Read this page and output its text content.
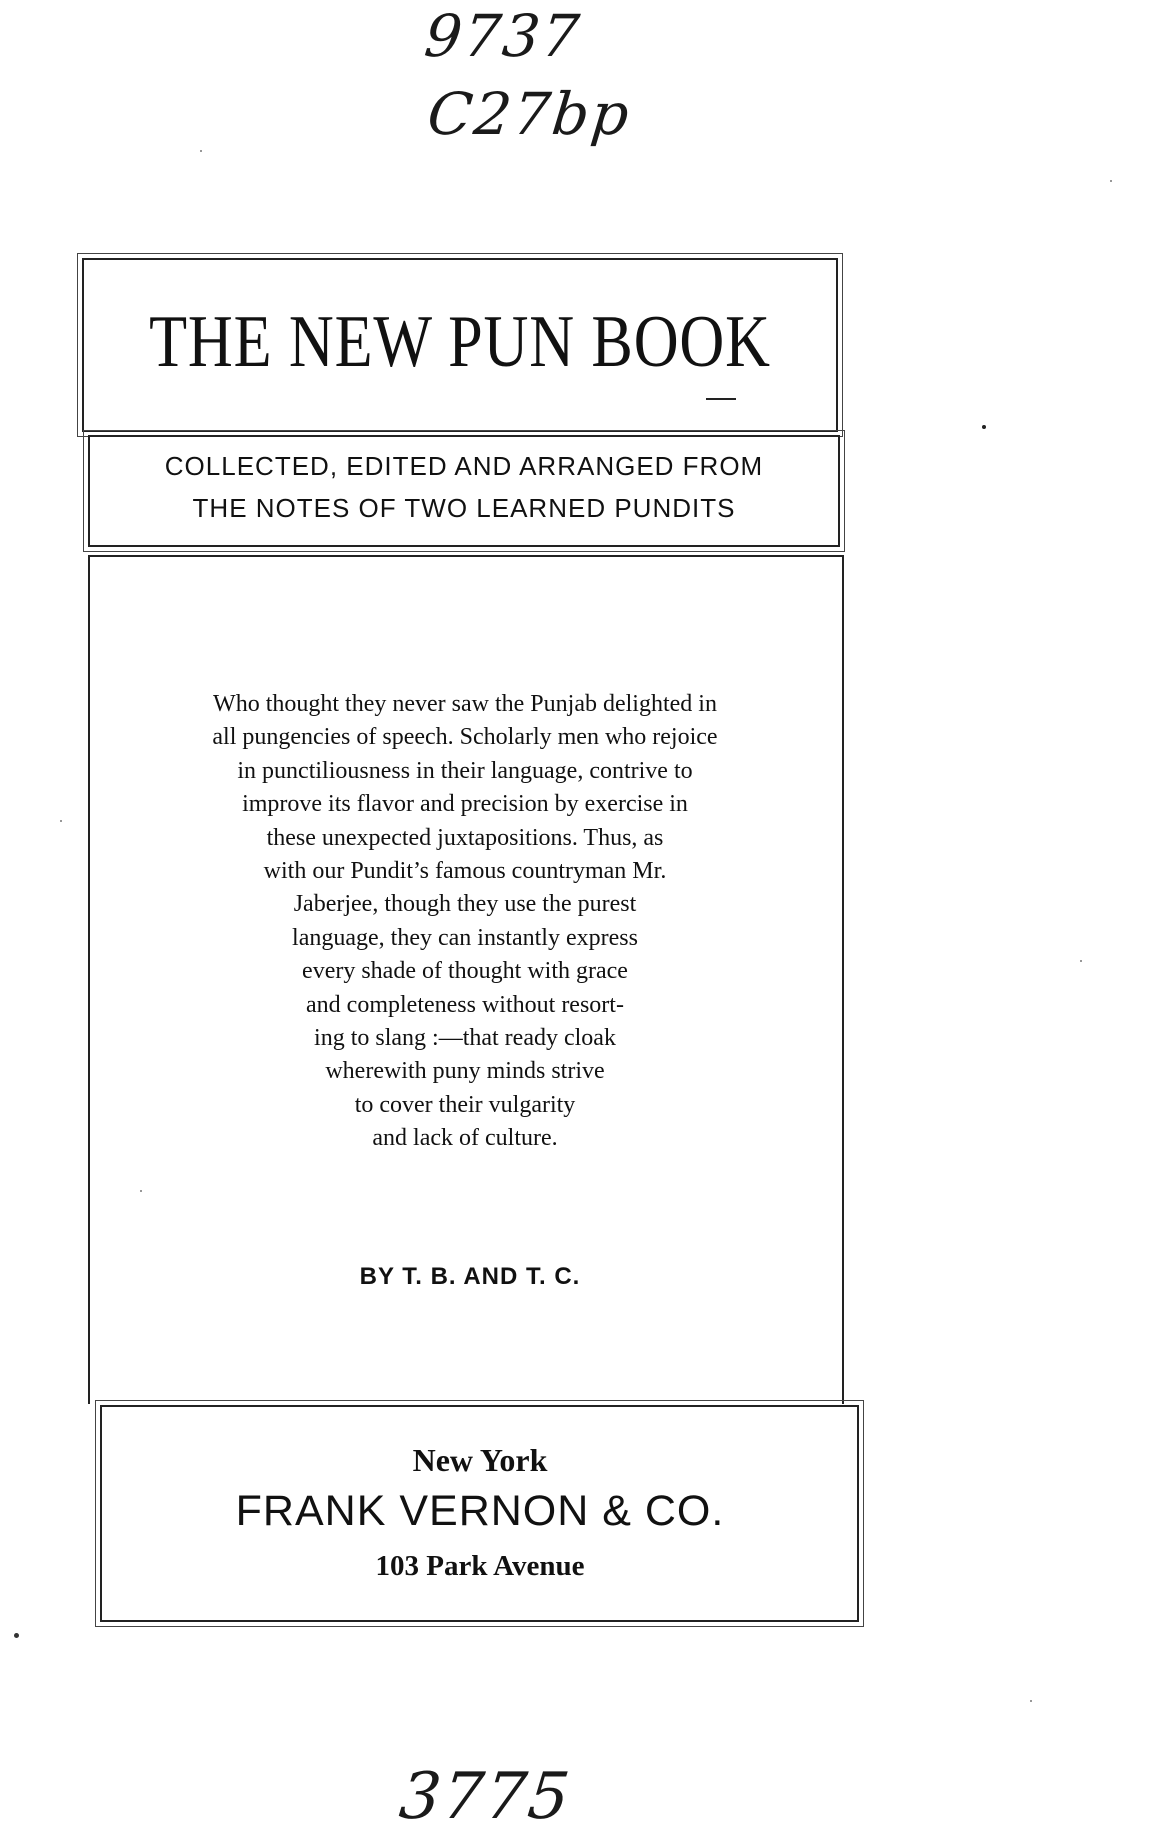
9737
C27bp
THE NEW PUN BOOK
COLLECTED, EDITED AND ARRANGED FROM
THE NOTES OF TWO LEARNED PUNDITS
Who thought they never saw the Punjab delighted in
all pungencies of speech. Scholarly men who rejoice
in punctiliousness in their language, contrive to
improve its flavor and precision by exercise in
these unexpected juxtapositions. Thus, as
with our Pundit’s famous countryman Mr.
Jaberjee, though they use the purest
language, they can instantly express
every shade of thought with grace
and completeness without resort-
ing to slang :—that ready cloak
wherewith puny minds strive
to cover their vulgarity
and lack of culture.
BY T. B. AND T. C.
New York
FRANK VERNON & CO.
103 Park Avenue
3775
